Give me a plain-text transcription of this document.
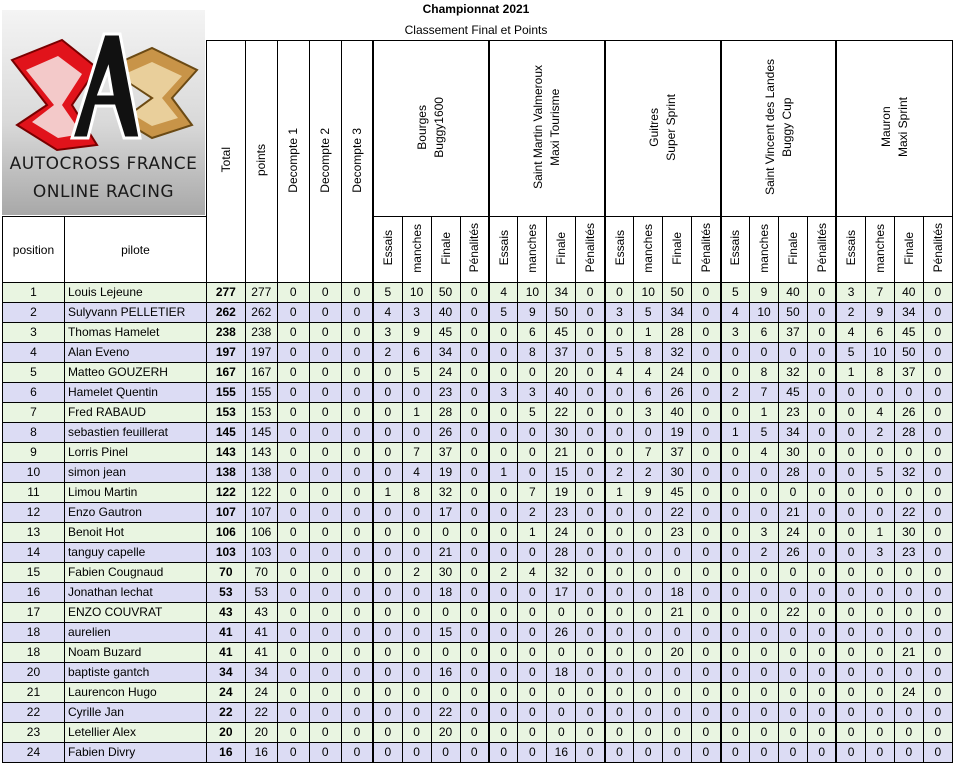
Championnat 2021
Classement Final et Points
		Total	points	Decompte 1	Decompte 2	Decompte 3	Bourges Buggy1600				Saint Martin Valmeroux Maxi Tourisme				Guitres Super Sprint				Saint Vincent des Landes Buggy Cup				Mauron Maxi Sprint			
position	pilote						Essais	manches	Finale	Pénalités	Essais	manches	Finale	Pénalités	Essais	manches	Finale	Pénalités	Essais	manches	Finale	Pénalités	Essais	manches	Finale	Pénalités
1	Louis Lejeune	277	277	0	0	0	5	10	50	0	4	10	34	0	0	10	50	0	5	9	40	0	3	7	40	0
2	Sulyvann PELLETIER	262	262	0	0	0	4	3	40	0	5	9	50	0	3	5	34	0	4	10	50	0	2	9	34	0
3	Thomas Hamelet	238	238	0	0	0	3	9	45	0	0	6	45	0	0	1	28	0	3	6	37	0	4	6	45	0
4	Alan Eveno	197	197	0	0	0	2	6	34	0	0	8	37	0	5	8	32	0	0	0	0	0	5	10	50	0
5	Matteo GOUZERH	167	167	0	0	0	0	5	24	0	0	0	20	0	4	4	24	0	0	8	32	0	1	8	37	0
6	Hamelet Quentin	155	155	0	0	0	0	0	23	0	3	3	40	0	0	6	26	0	2	7	45	0	0	0	0	0
7	Fred RABAUD	153	153	0	0	0	0	1	28	0	0	5	22	0	0	3	40	0	0	1	23	0	0	4	26	0
8	sebastien feuillerat	145	145	0	0	0	0	0	26	0	0	0	30	0	0	0	19	0	1	5	34	0	0	2	28	0
9	Lorris Pinel	143	143	0	0	0	0	7	37	0	0	0	21	0	0	7	37	0	0	4	30	0	0	0	0	0
10	simon jean	138	138	0	0	0	0	4	19	0	1	0	15	0	2	2	30	0	0	0	28	0	0	5	32	0
11	Limou Martin	122	122	0	0	0	1	8	32	0	0	7	19	0	1	9	45	0	0	0	0	0	0	0	0	0
12	Enzo Gautron	107	107	0	0	0	0	0	17	0	0	2	23	0	0	0	22	0	0	0	21	0	0	0	22	0
13	Benoit Hot	106	106	0	0	0	0	0	0	0	0	1	24	0	0	0	23	0	0	3	24	0	0	1	30	0
14	tanguy capelle	103	103	0	0	0	0	0	21	0	0	0	28	0	0	0	0	0	0	2	26	0	0	3	23	0
15	Fabien Cougnaud	70	70	0	0	0	0	2	30	0	2	4	32	0	0	0	0	0	0	0	0	0	0	0	0	0
16	Jonathan lechat	53	53	0	0	0	0	0	18	0	0	0	17	0	0	0	18	0	0	0	0	0	0	0	0	0
17	ENZO COUVRAT	43	43	0	0	0	0	0	0	0	0	0	0	0	0	0	21	0	0	0	22	0	0	0	0	0
18	aurelien	41	41	0	0	0	0	0	15	0	0	0	26	0	0	0	0	0	0	0	0	0	0	0	0	0
18	Noam Buzard	41	41	0	0	0	0	0	0	0	0	0	0	0	0	0	20	0	0	0	0	0	0	0	21	0
20	baptiste gantch	34	34	0	0	0	0	0	16	0	0	0	18	0	0	0	0	0	0	0	0	0	0	0	0	0
21	Laurencon Hugo	24	24	0	0	0	0	0	0	0	0	0	0	0	0	0	0	0	0	0	0	0	0	0	24	0
22	Cyrille Jan	22	22	0	0	0	0	0	22	0	0	0	0	0	0	0	0	0	0	0	0	0	0	0	0	0
23	Letellier Alex	20	20	0	0	0	0	0	20	0	0	0	0	0	0	0	0	0	0	0	0	0	0	0	0	0
24	Fabien Divry	16	16	0	0	0	0	0	0	0	0	0	16	0	0	0	0	0	0	0	0	0	0	0	0	0
AUTOCROSS FRANCE
ONLINE RACING
